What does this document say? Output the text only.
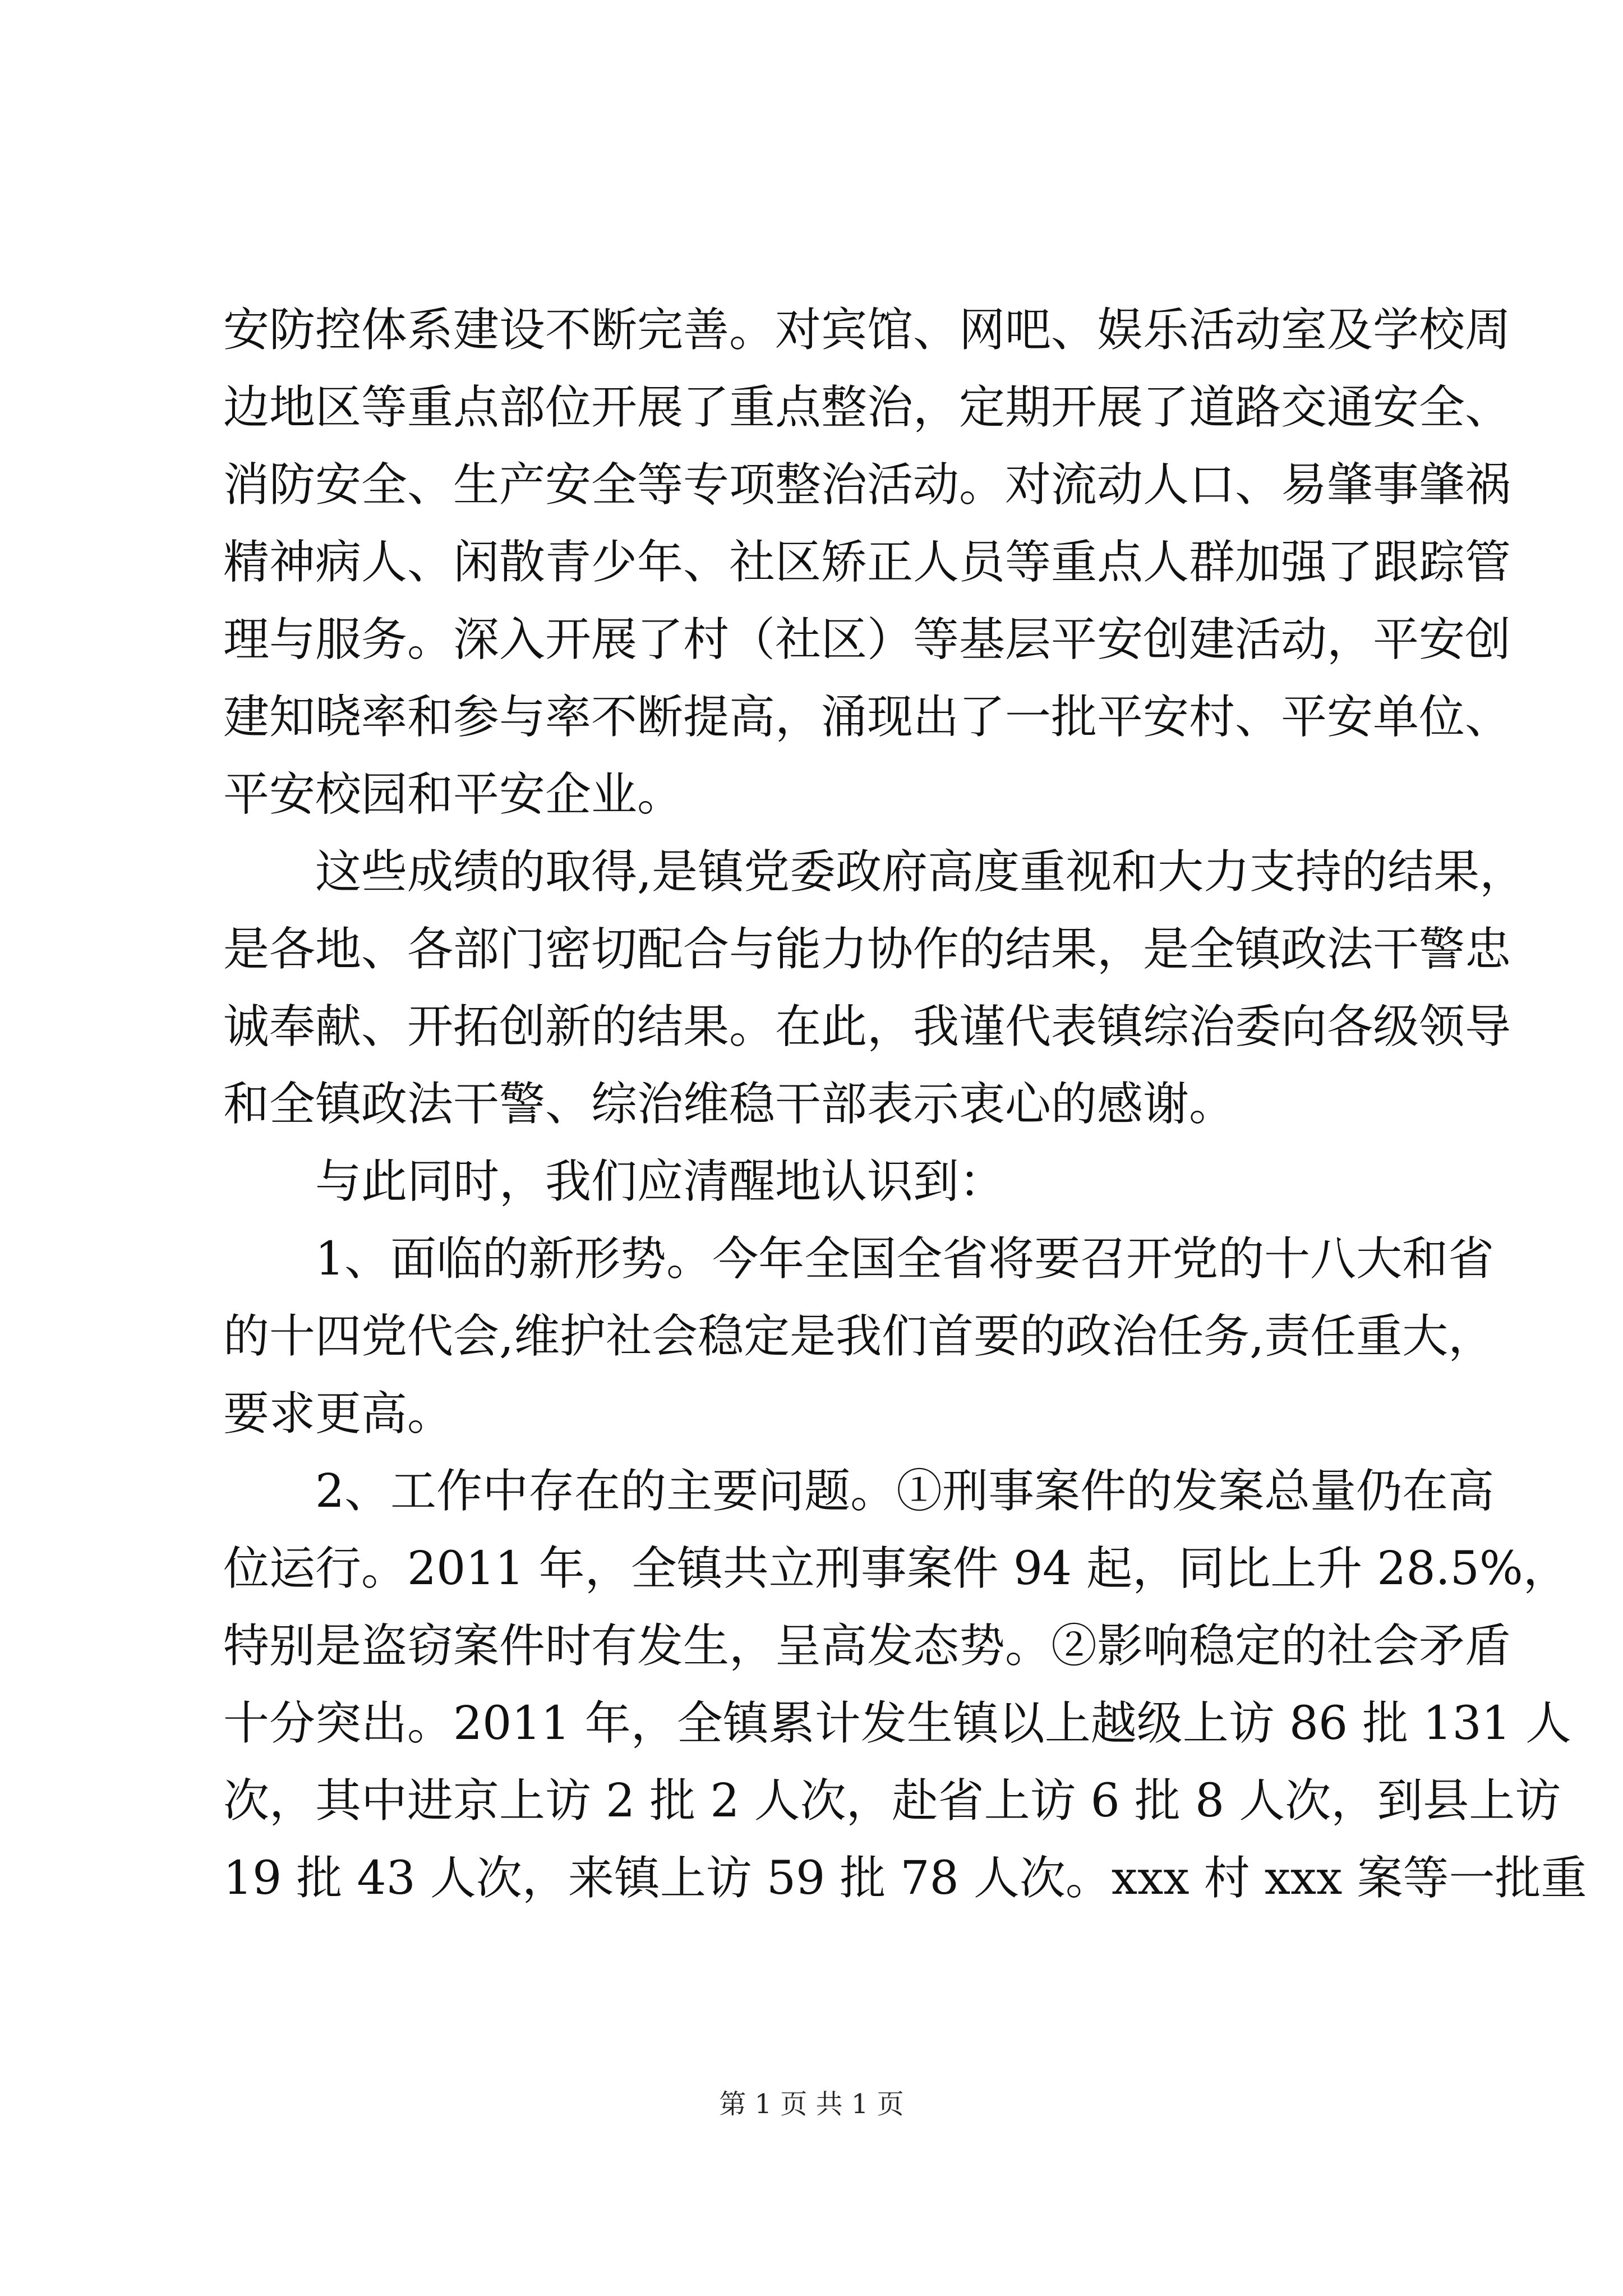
安防控体系建设不断完善。对宾馆、网吧、娱乐活动室及学校周
边地区等重点部位开展了重点整治，定期开展了道路交通安全、
消防安全、生产安全等专项整治活动。对流动人口、易肇事肇祸
精神病人、闲散青少年、社区矫正人员等重点人群加强了跟踪管
理与服务。深入开展了村（社区）等基层平安创建活动，平安创
建知晓率和参与率不断提高，涌现出了一批平安村、平安单位、
平安校园和平安企业。
这些成绩的取得,是镇党委政府高度重视和大力支持的结果，
是各地、各部门密切配合与能力协作的结果，是全镇政法干警忠
诚奉献、开拓创新的结果。在此，我谨代表镇综治委向各级领导
和全镇政法干警、综治维稳干部表示衷心的感谢。
与此同时，我们应清醒地认识到：
1、面临的新形势。今年全国全省将要召开党的十八大和省
的十四党代会,维护社会稳定是我们首要的政治任务,责任重大，
要求更高。
2、工作中存在的主要问题。①刑事案件的发案总量仍在高
位运行。2011 年，全镇共立刑事案件 94 起，同比上升 28.5%，
特别是盗窃案件时有发生，呈高发态势。②影响稳定的社会矛盾
十分突出。2011 年，全镇累计发生镇以上越级上访 86 批 131 人
次，其中进京上访 2 批 2 人次，赴省上访 6 批 8 人次，到县上访
19 批 43 人次，来镇上访 59 批 78 人次。xxx 村 xxx 案等一批重
第 1 页 共 1 页
